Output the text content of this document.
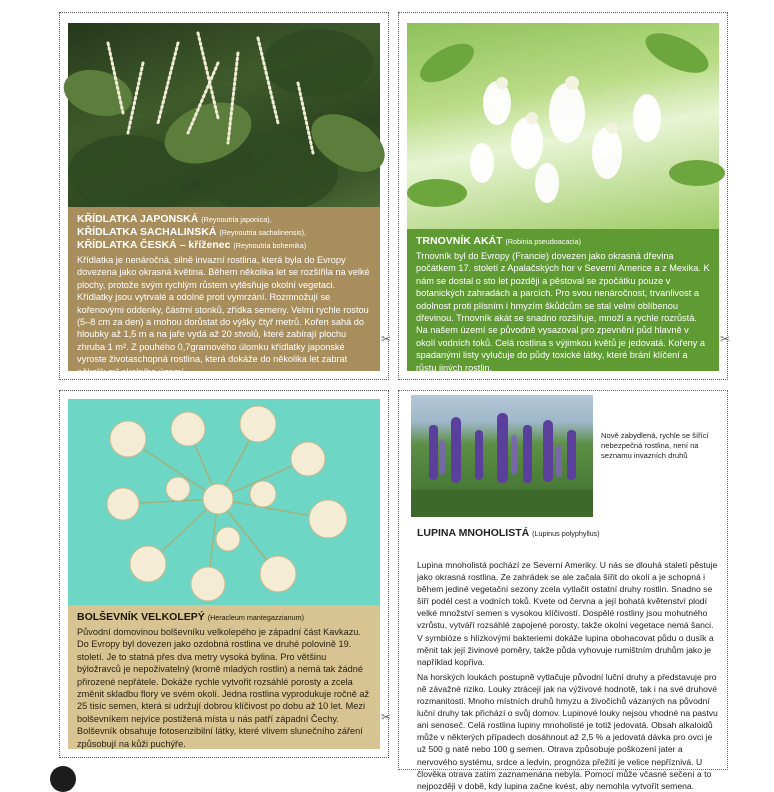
KŘÍDLATKA JAPONSKÁ (Reynoutria japonica),
KŘÍDLATKA SACHALINSKÁ (Reynoutria sachalinensis),
KŘÍDLATKA ČESKÁ – kříženec (Reynoutria bohemika)

Křídlatka je nenáročná, silně invazní rostlina, která byla do Evropy dovezena jako okrasná květina. Během několika let se rozšířila na velké plochy, protože svým rychlým růstem vytěsňuje okolní vegetaci. Křídlatky jsou vytrvalé a odolné proti vymrzání. Rozmnožují se kořenovými oddenky, částmi stonků, zřídka semeny. Velmi rychle rostou (5–8 cm za den) a mohou dorůstat do výšky čtyř metrů. Kořen sahá do hloubky až 1,5 m a na jaře vydá až 20 stvolů, které zabírají plochu zhruba 1 m². Z pouhého 0,7gramového úlomku křídlatky japonské vyroste životaschopná rostlina, která dokáže do několika let zabrat několik m² okolního území.

✂
TRNOVNÍK AKÁT (Robinia pseudoacacia)

Trnovník byl do Evropy (Francie) dovezen jako okrasná dřevina počátkem 17. století z Apalačských hor v Severní Americe a z Mexika. K nám se dostal o sto let později a pěstoval se zpočátku pouze v botanických zahradách a parcích. Pro svou nenáročnost, trvanlivost a odolnost proti plísním i hmyzím škůdcům se stal velmi oblíbenou dřevinou. Trnovník akát se snadno rozšiřuje, množí a rychle rozrůstá. Na našem území se původně vysazoval pro zpevnění půd hlavně v okolí vodních toků. Celá rostlina s výjimkou květů je jedovatá. Kořeny a spadanými listy vylučuje do půdy toxické látky, které brání klíčení a růstu jiných rostlin.

✂
BOLŠEVNÍK VELKOLEPÝ (Heracleum mantegazzianum)

Původní domovinou bolševníku velkolepého je západní část Kavkazu. Do Evropy byl dovezen jako ozdobná rostlina ve druhé polovině 19. století. Je to statná přes dva metry vysoká bylina. Pro většinu býložravců je nepoživatelný (kromě mladých rostlin) a nemá tak žádné přirozené nepřátele. Dokáže rychle vytvořit rozsáhlé porosty a zcela změnit skladbu flory ve svém okolí. Jedna rostlina vyprodukuje ročně až 25 tisíc semen, která si udržují dobrou klíčivost po dobu až 10 let. Mezi bolševníkem nejvíce postižená místa u nás patří západní Čechy. Bolševník obsahuje fotosenzibilní látky, které vlivem slunečního záření způsobují na kůži puchýře.

✂
Nově zabydlená, rychle se šířící nebezpečná rostlina, není na seznamu invazních druhů
LUPINA MNOHOLISTÁ (Lupinus polyphyllus)

Lupina mnoholistá pochází ze Severní Ameriky. U nás se dlouhá staletí pěstuje jako okrasná rostlina. Ze zahrádek se ale začala šířit do okolí a je schopná i během jediné vegetační sezony zcela vytlačit ostatní druhy rostlin. Snadno se šíří podél cest a vodních toků. Kvete od června a její bohatá květenství plodí velké množství semen s vysokou klíčivostí. Dospělé rostliny jsou mohutného vzrůstu, vytváří rozsáhlé zapojené porosty, takže okolní vegetace nemá šanci. V symbióze s hlízkovými bakteriemi dokáže lupina obohacovat půdu o dusík a měnit tak její živinové poměry, takže půda vyhovuje rumištním druhům jako je například kopřiva.

Na horských loukách postupně vytlačuje původní luční druhy a představuje pro ně závažné riziko. Louky ztrácejí jak na výživové hodnotě, tak i na své druhové rozmanitosti. Mnoho místních druhů hmyzu a živočichů vázaných na původní luční druhy tak přichází o svůj domov. Lupinové louky nejsou vhodné na pastvu ani senoseč. Celá rostlina lupiny mnoholisté je totiž jedovatá. Obsah alkaloidů může v některých případech dosáhnout až 2,5 % a jedovatá dávka pro ovci je už 500 g natě nebo 100 g semen. Otrava způsobuje poškození jater a nervového systému, srdce a ledvin, prognóza přežití je velice nepříznivá. U člověka otrava zatím zaznamenána nebyla. Pomocí může včasné sečení a to nejpozději v době, kdy lupina začne kvést, aby nemohla vytvořit semena.
